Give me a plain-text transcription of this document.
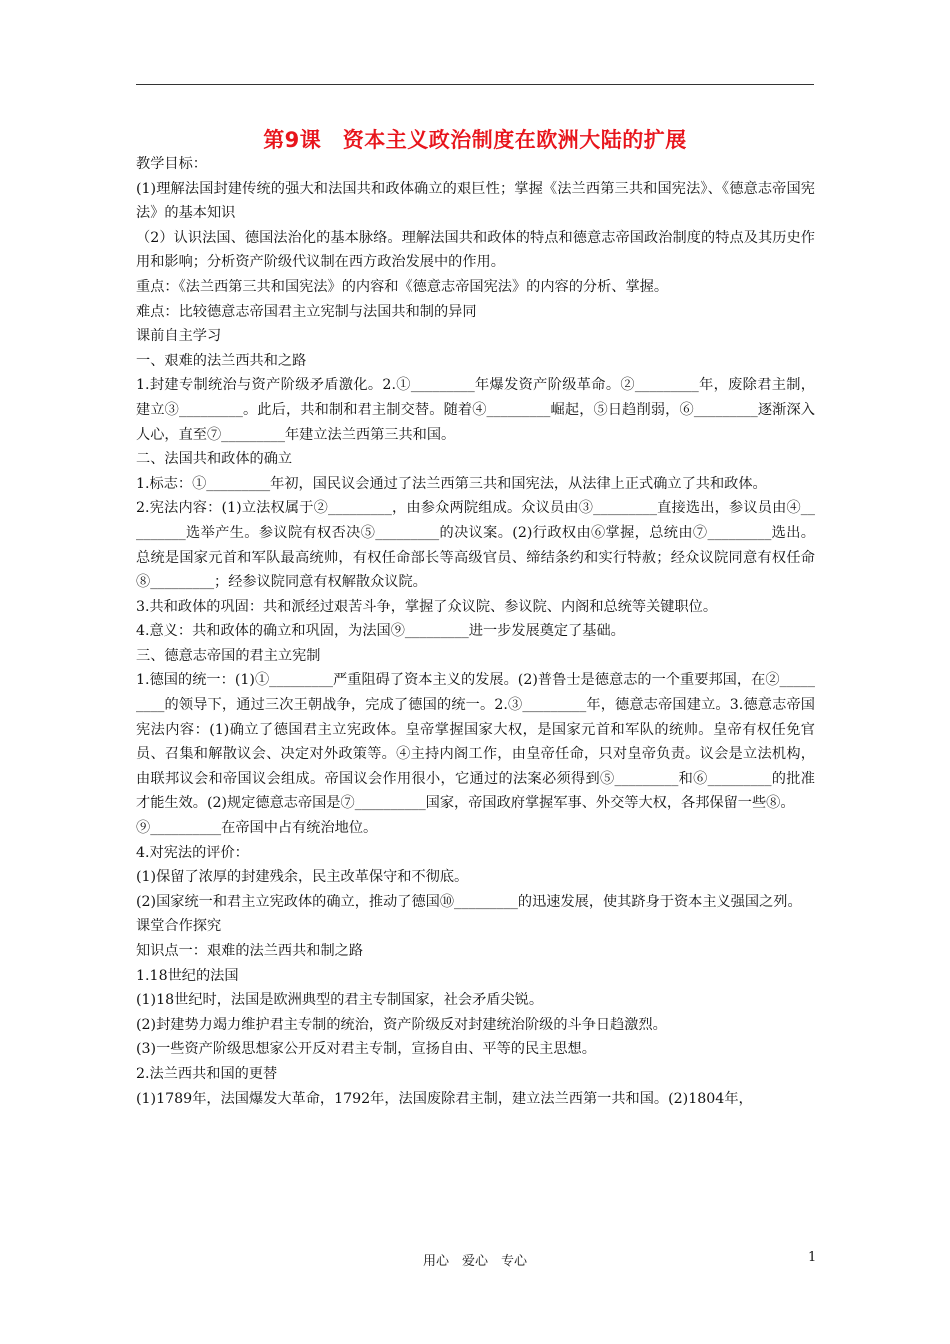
第9课　资本主义政治制度在欧洲大陆的扩展

教学目标：

(1)理解法国封建传统的强大和法国共和政体确立的艰巨性；掌握《法兰西第三共和国宪法》、《德意志帝国宪法》的基本知识

（2）认识法国、德国法治化的基本脉络。理解法国共和政体的特点和德意志帝国政治制度的特点及其历史作用和影响；分析资产阶级代议制在西方政治发展中的作用。

重点：《法兰西第三共和国宪法》的内容和《德意志帝国宪法》的内容的分析、掌握。

难点：比较德意志帝国君主立宪制与法国共和制的异同

课前自主学习

一、艰难的法兰西共和之路

1.封建专制统治与资产阶级矛盾激化。2.①_________年爆发资产阶级革命。②_________年，废除君主制，建立③_________。此后，共和制和君主制交替。随着④_________崛起，⑤日趋削弱，⑥_________逐渐深入人心，直至⑦_________年建立法兰西第三共和国。

二、法国共和政体的确立

1.标志：①_________年初，国民议会通过了法兰西第三共和国宪法，从法律上正式确立了共和政体。

2.宪法内容：(1)立法权属于②_________，由参众两院组成。众议员由③_________直接选出，参议员由④_________选举产生。参议院有权否决⑤_________的决议案。(2)行政权由⑥掌握，总统由⑦_________选出。总统是国家元首和军队最高统帅，有权任命部长等高级官员、缔结条约和实行特赦；经众议院同意有权任命⑧_________；经参议院同意有权解散众议院。

3.共和政体的巩固：共和派经过艰苦斗争，掌握了众议院、参议院、内阁和总统等关键职位。

4.意义：共和政体的确立和巩固，为法国⑨_________进一步发展奠定了基础。

三、德意志帝国的君主立宪制

1.德国的统一：(1)①_________严重阻碍了资本主义的发展。(2)普鲁士是德意志的一个重要邦国，在②_________的领导下，通过三次王朝战争，完成了德国的统一。2.③_________年，德意志帝国建立。3.德意志帝国宪法内容：(1)确立了德国君主立宪政体。皇帝掌握国家大权，是国家元首和军队的统帅。皇帝有权任免官员、召集和解散议会、决定对外政策等。④主持内阁工作，由皇帝任命，只对皇帝负责。议会是立法机构，由联邦议会和帝国议会组成。帝国议会作用很小，它通过的法案必须得到⑤_________和⑥_________的批准才能生效。(2)规定德意志帝国是⑦__________国家，帝国政府掌握军事、外交等大权，各邦保留一些⑧。

⑨__________在帝国中占有统治地位。

4.对宪法的评价：

(1)保留了浓厚的封建残余，民主改革保守和不彻底。

(2)国家统一和君主立宪政体的确立，推动了德国⑩_________的迅速发展，使其跻身于资本主义强国之列。

课堂合作探究

知识点一：艰难的法兰西共和制之路

1.18世纪的法国

(1)18世纪时，法国是欧洲典型的君主专制国家，社会矛盾尖锐。

(2)封建势力竭力维护君主专制的统治，资产阶级反对封建统治阶级的斗争日趋激烈。

(3)一些资产阶级思想家公开反对君主专制，宣扬自由、平等的民主思想。

2.法兰西共和国的更替

(1)1789年，法国爆发大革命，1792年，法国废除君主制，建立法兰西第一共和国。(2)1804年，

用心　爱心　专心	1
